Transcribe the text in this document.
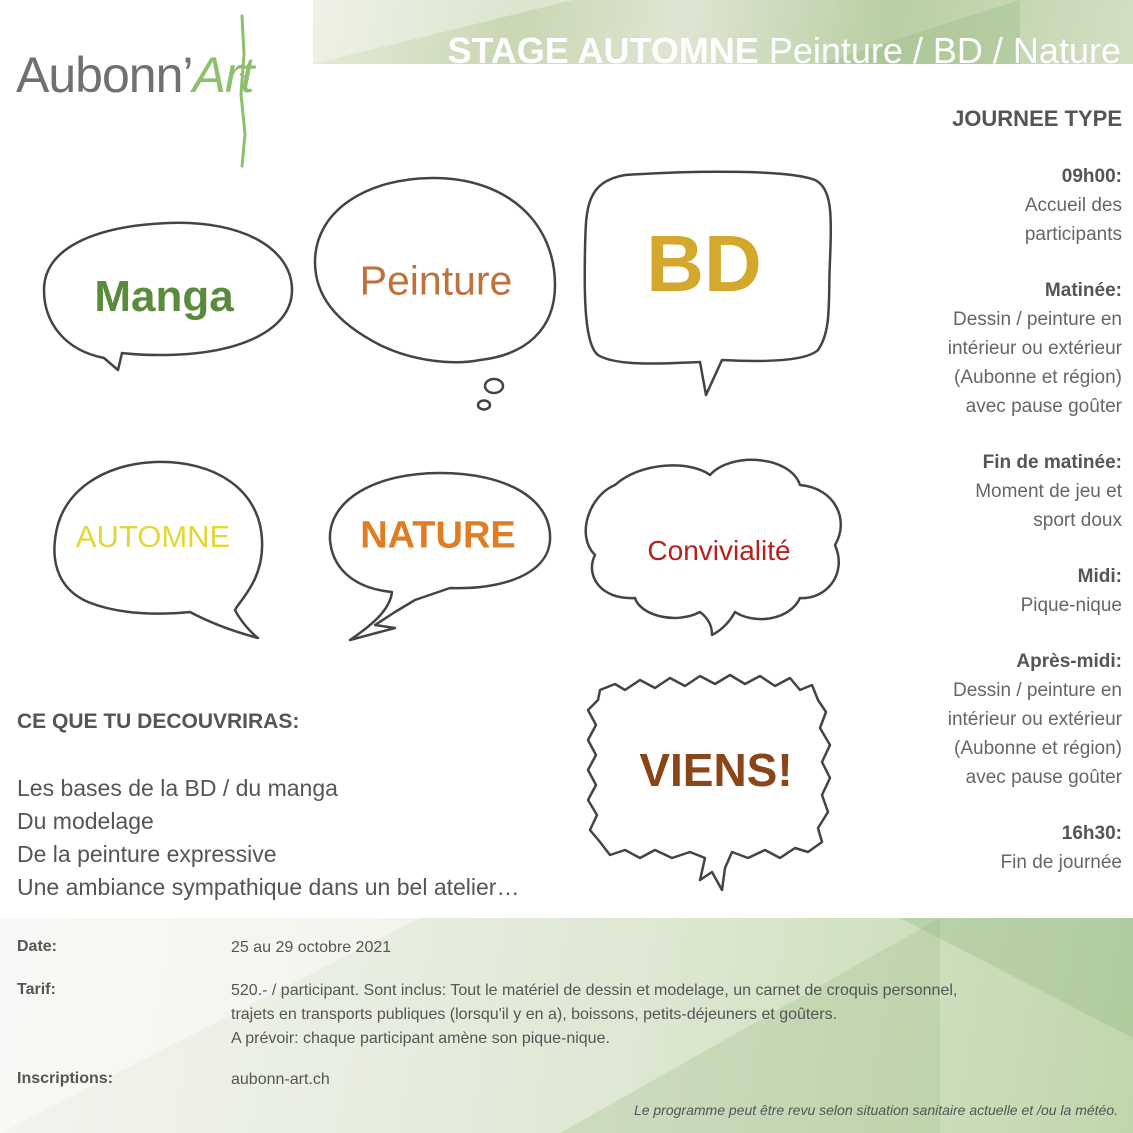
STAGE AUTOMNE Peinture / BD / Nature
Aubonn’Art
Manga	Peinture BD
AUTOMNE	NATURE	Convivialité
VIENS!
JOURNEE TYPE
09h00:
Accueil des
participants
Matinée:
Dessin / peinture en
intérieur ou extérieur
(Aubonne et région)
avec pause goûter
Fin de matinée:
Moment de jeu et
sport doux
Midi:
Pique-nique
Après-midi:
Dessin / peinture en
intérieur ou extérieur
(Aubonne et région)
avec pause goûter
16h30:
Fin de journée
CE QUE TU DECOUVRIRAS:
Les bases de la BD / du manga
Du modelage
De la peinture expressive
Une ambiance sympathique dans un bel atelier…
Date:	25 au 29 octobre 2021
Tarif:	520.- / participant. Sont inclus: Tout le matériel de dessin et modelage, un carnet de croquis personnel,
trajets en transports publiques (lorsqu'il y en a), boissons, petits-déjeuners et goûters.
A prévoir: chaque participant amène son pique-nique.
Inscriptions:	aubonn-art.ch
Le programme peut être revu selon situation sanitaire actuelle et /ou la météo.
